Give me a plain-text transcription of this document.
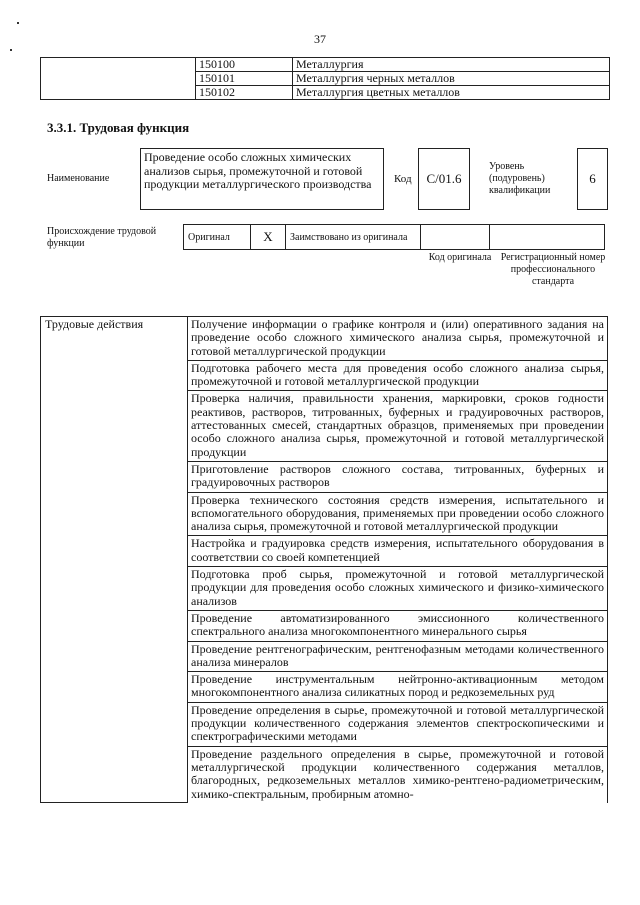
37
	150100	Металлургия
	150101	Металлургия черных металлов
	150102	Металлургия цветных металлов
3.3.1. Трудовая функция
Наименование
Проведение особо сложных химических анализов сырья, промежуточной и готовой продукции металлургического производства	Код	С/01.6
Уровень (подуровень) квалификации
6
Происхождение трудовой функции
Оригинал	X	Заимствовано из оригинала		
Код оригинала Регистрационный номер профессионального стандарта
Трудовые действия	Получение информации о графике контроля и (или) оперативного задания на проведение особо сложного химического анализа сырья, промежуточной и готовой металлургической продукции
Подготовка рабочего места для проведения особо сложного анализа сырья, промежуточной и готовой металлургической продукции
Проверка наличия, правильности хранения, маркировки, сроков годности реактивов, растворов, титрованных, буферных и градуировочных растворов, аттестованных смесей, стандартных образцов, применяемых при проведении особо сложного анализа сырья, промежуточной и готовой металлургической продукции
Приготовление растворов сложного состава, титрованных, буферных и градуировочных растворов
Проверка технического состояния средств измерения, испытательного и вспомогательного оборудования, применяемых при проведении особо сложного анализа сырья, промежуточной и готовой металлургической продукции
Настройка и градуировка средств измерения, испытательного оборудования в соответствии со своей компетенцией
Подготовка проб сырья, промежуточной и готовой металлургической продукции для проведения особо сложных химического и физико-химического анализов
Проведение автоматизированного эмиссионного количественного спектрального анализа многокомпонентного минерального сырья
Проведение рентгенографическим, рентгенофазным методами количественного анализа минералов
Проведение инструментальным нейтронно-активационным методом многокомпонентного анализа силикатных пород и редкоземельных руд
Проведение определения в сырье, промежуточной и готовой металлургической продукции количественного содержания элементов спектроскопическими и спектрографическими методами
Проведение раздельного определения в сырье, промежуточной и готовой металлургической продукции количественного содержания металлов, благородных, редкоземельных металлов химико-рентгено-радиометрическим, химико-спектральным, пробирным атомно-
